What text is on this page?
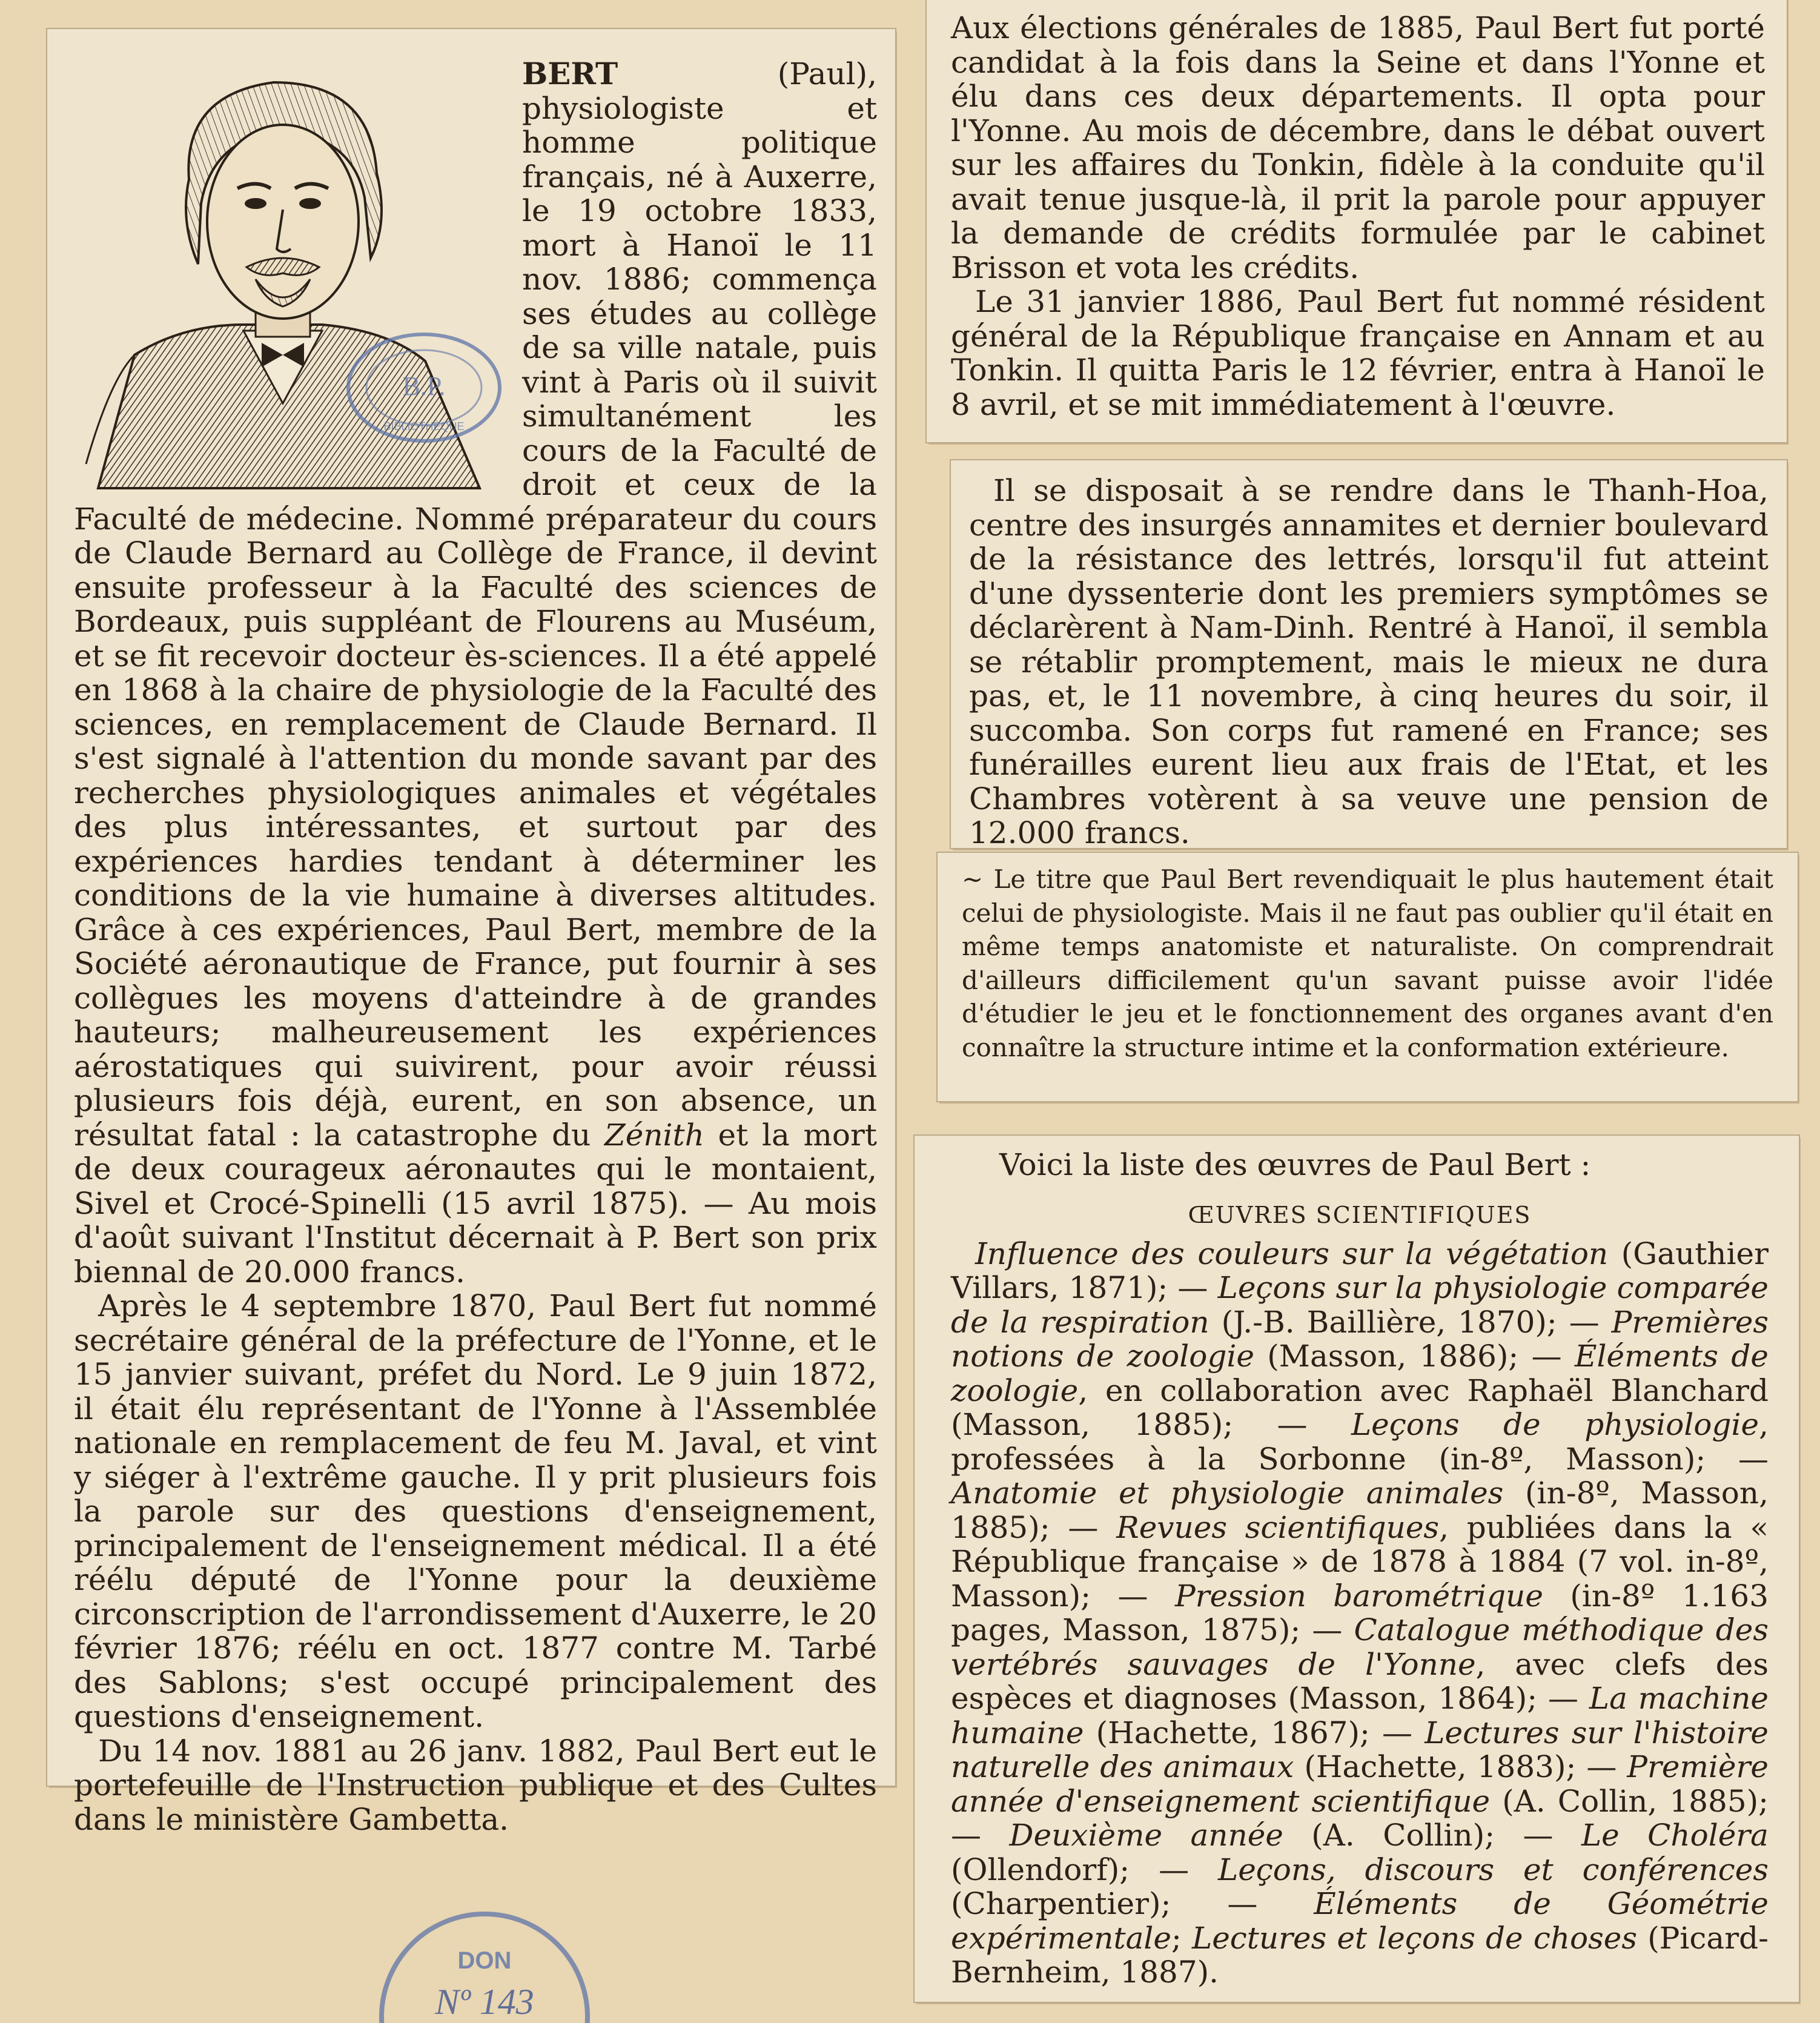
BERT (Paul), physiologiste et homme politique français, né à Auxerre, le 19 octobre 1833, mort à Hanoï le 11 nov. 1886; commença ses études au collège de sa ville natale, puis vint à Paris où il suivit simultanément les cours de la Faculté de droit et ceux de la Faculté de médecine. Nommé préparateur du cours de Claude Bernard au Collège de France, il devint ensuite professeur à la Faculté des sciences de Bordeaux, puis suppléant de Flourens au Muséum, et se fit recevoir docteur ès-sciences. Il a été appelé en 1868 à la chaire de physiologie de la Faculté des sciences, en remplacement de Claude Bernard. Il s'est signalé à l'attention du monde savant par des recherches physiologiques animales et végétales des plus intéressantes, et surtout par des expériences hardies tendant à déterminer les conditions de la vie humaine à diverses altitudes. Grâce à ces expériences, Paul Bert, membre de la Société aéronautique de France, put fournir à ses collègues les moyens d'atteindre à de grandes hauteurs; malheureusement les expériences aérostatiques qui suivirent, pour avoir réussi plusieurs fois déjà, eurent, en son absence, un résultat fatal : la catastrophe du Zénith et la mort de deux courageux aéronautes qui le montaient, Sivel et Crocé-Spinelli (15 avril 1875). — Au mois d'août suivant l'Institut décernait à P. Bert son prix biennal de 20.000 francs.

Après le 4 septembre 1870, Paul Bert fut nommé secrétaire général de la préfecture de l'Yonne, et le 15 janvier suivant, préfet du Nord. Le 9 juin 1872, il était élu représentant de l'Yonne à l'Assemblée nationale en remplacement de feu M. Javal, et vint y siéger à l'extrême gauche. Il y prit plusieurs fois la parole sur des questions d'enseignement, principalement de l'enseignement médical. Il a été réélu député de l'Yonne pour la deuxième circonscription de l'arrondissement d'Auxerre, le 20 février 1876; réélu en oct. 1877 contre M. Tarbé des Sablons; s'est occupé principalement des questions d'enseignement.

Du 14 nov. 1881 au 26 janv. 1882, Paul Bert eut le portefeuille de l'Instruction publique et des Cultes dans le ministère Gambetta.

Aux élections générales de 1885, Paul Bert fut porté candidat à la fois dans la Seine et dans l'Yonne et élu dans ces deux départements. Il opta pour l'Yonne. Au mois de décembre, dans le débat ouvert sur les affaires du Tonkin, fidèle à la conduite qu'il avait tenue jusque-là, il prit la parole pour appuyer la demande de crédits formulée par le cabinet Brisson et vota les crédits.

Le 31 janvier 1886, Paul Bert fut nommé résident général de la République française en Annam et au Tonkin. Il quitta Paris le 12 février, entra à Hanoï le 8 avril, et se mit immédiatement à l'œuvre.

Il se disposait à se rendre dans le Thanh-Hoa, centre des insurgés annamites et dernier boulevard de la résistance des lettrés, lorsqu'il fut atteint d'une dyssenterie dont les premiers symptômes se déclarèrent à Nam-Dinh. Rentré à Hanoï, il sembla se rétablir promptement, mais le mieux ne dura pas, et, le 11 novembre, à cinq heures du soir, il succomba. Son corps fut ramené en France; ses funérailles eurent lieu aux frais de l'Etat, et les Chambres votèrent à sa veuve une pension de 12.000 francs.

~ Le titre que Paul Bert revendiquait le plus hautement était celui de physiologiste. Mais il ne faut pas oublier qu'il était en même temps anatomiste et naturaliste. On comprendrait d'ailleurs difficilement qu'un savant puisse avoir l'idée d'étudier le jeu et le fonctionnement des organes avant d'en connaître la structure intime et la conformation extérieure.

Voici la liste des œuvres de Paul Bert :

ŒUVRES SCIENTIFIQUES

Influence des couleurs sur la végétation (Gauthier Villars, 1871); — Leçons sur la physiologie comparée de la respiration (J.-B. Baillière, 1870); — Premières notions de zoologie (Masson, 1886); — Éléments de zoologie, en collaboration avec Raphaël Blanchard (Masson, 1885); — Leçons de physiologie, professées à la Sorbonne (in-8º, Masson); — Anatomie et physiologie animales (in-8º, Masson, 1885); — Revues scientifiques, publiées dans la « République française » de 1878 à 1884 (7 vol. in-8º, Masson); — Pression barométrique (in-8º 1.163 pages, Masson, 1875); — Catalogue méthodique des vertébrés sauvages de l'Yonne, avec clefs des espèces et diagnoses (Masson, 1864); — La machine humaine (Hachette, 1867); — Lectures sur l'histoire naturelle des animaux (Hachette, 1883); — Première année d'enseignement scientifique (A. Collin, 1885); — Deuxième année (A. Collin); — Le Choléra (Ollendorf); — Leçons, discours et conférences (Charpentier); — Éléments de Géométrie expérimentale; Lectures et leçons de choses (Picard-Bernheim, 1887).

B.P.
BIBLIOTHÈQUE
DON
Nº 143
